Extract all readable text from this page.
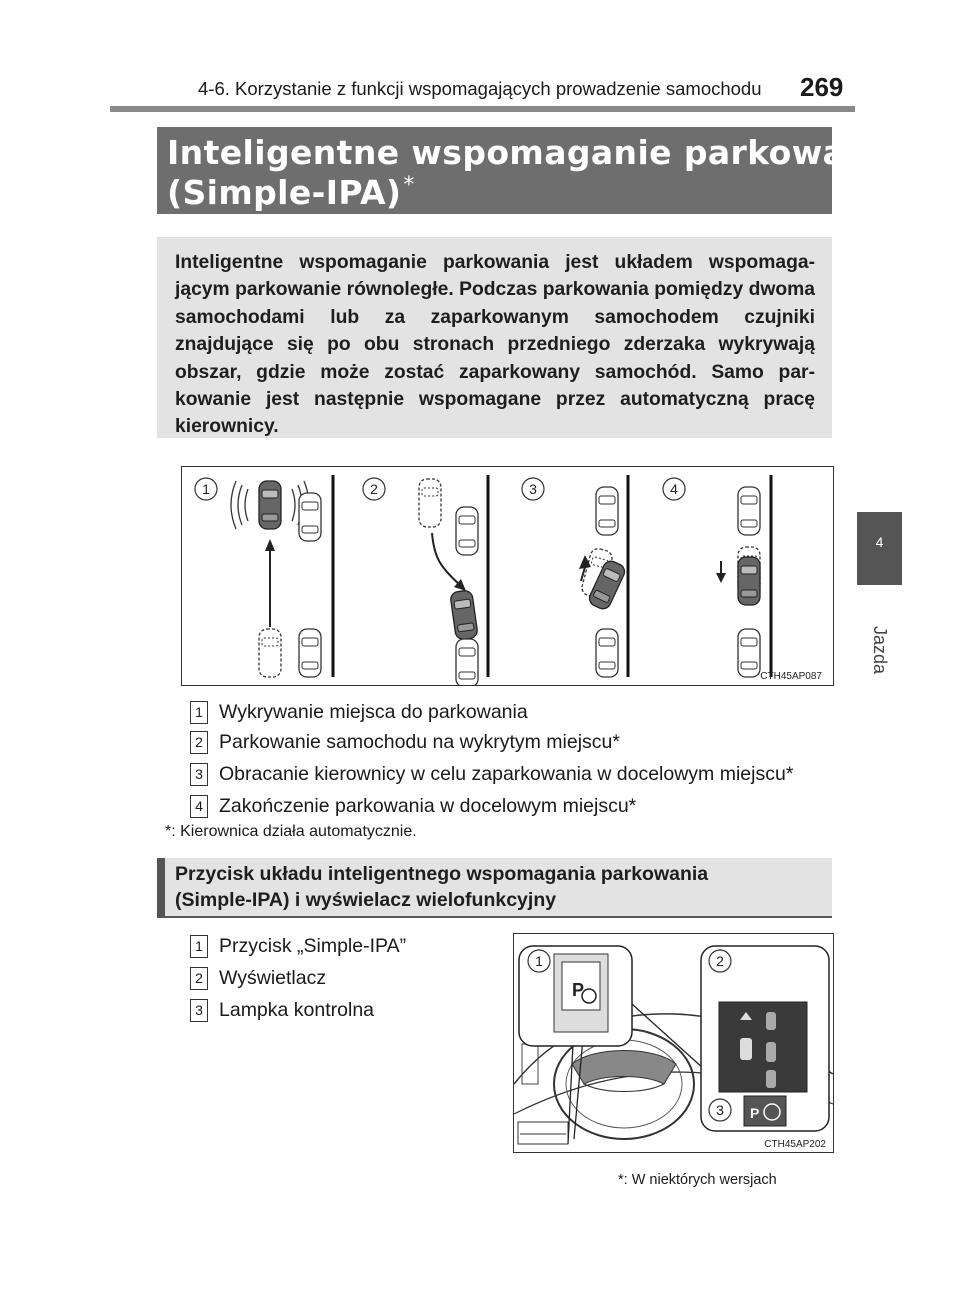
4-6. Korzystanie z funkcji wspomagających prowadzenie samochodu 269
4
Jazda
Inteligentne wspomaganie parkowania
(Simple-IPA)*
Inteligentne wspomaganie parkowania jest układem wspomaga-jącym parkowanie równoległe. Podczas parkowania pomiędzy dwoma samochodami lub za zaparkowanym samochodem czujniki znajdujące się po obu stronach przedniego zderzaka wykrywają obszar, gdzie może zostać zaparkowany samochód. Samo par-kowanie jest następnie wspomagane przez automatyczną pracę kierownicy.
1	2	3	4
CTH45AP087
1 Wykrywanie miejsca do parkowania
2 Parkowanie samochodu na wykrytym miejscu*
3 Obracanie kierownicy w celu zaparkowania w docelowym miejscu*
4 Zakończenie parkowania w docelowym miejscu*
*: Kierownica działa automatycznie.
Przycisk układu inteligentnego wspomagania parkowania
(Simple-IPA) i wyświelacz wielofunkcyjny
1 Przycisk „Simple-IPA”
2 Wyświetlacz
3 Lampka kontrolna
P
P
1	2
3
CTH45AP202
*: W niektórych wersjach
